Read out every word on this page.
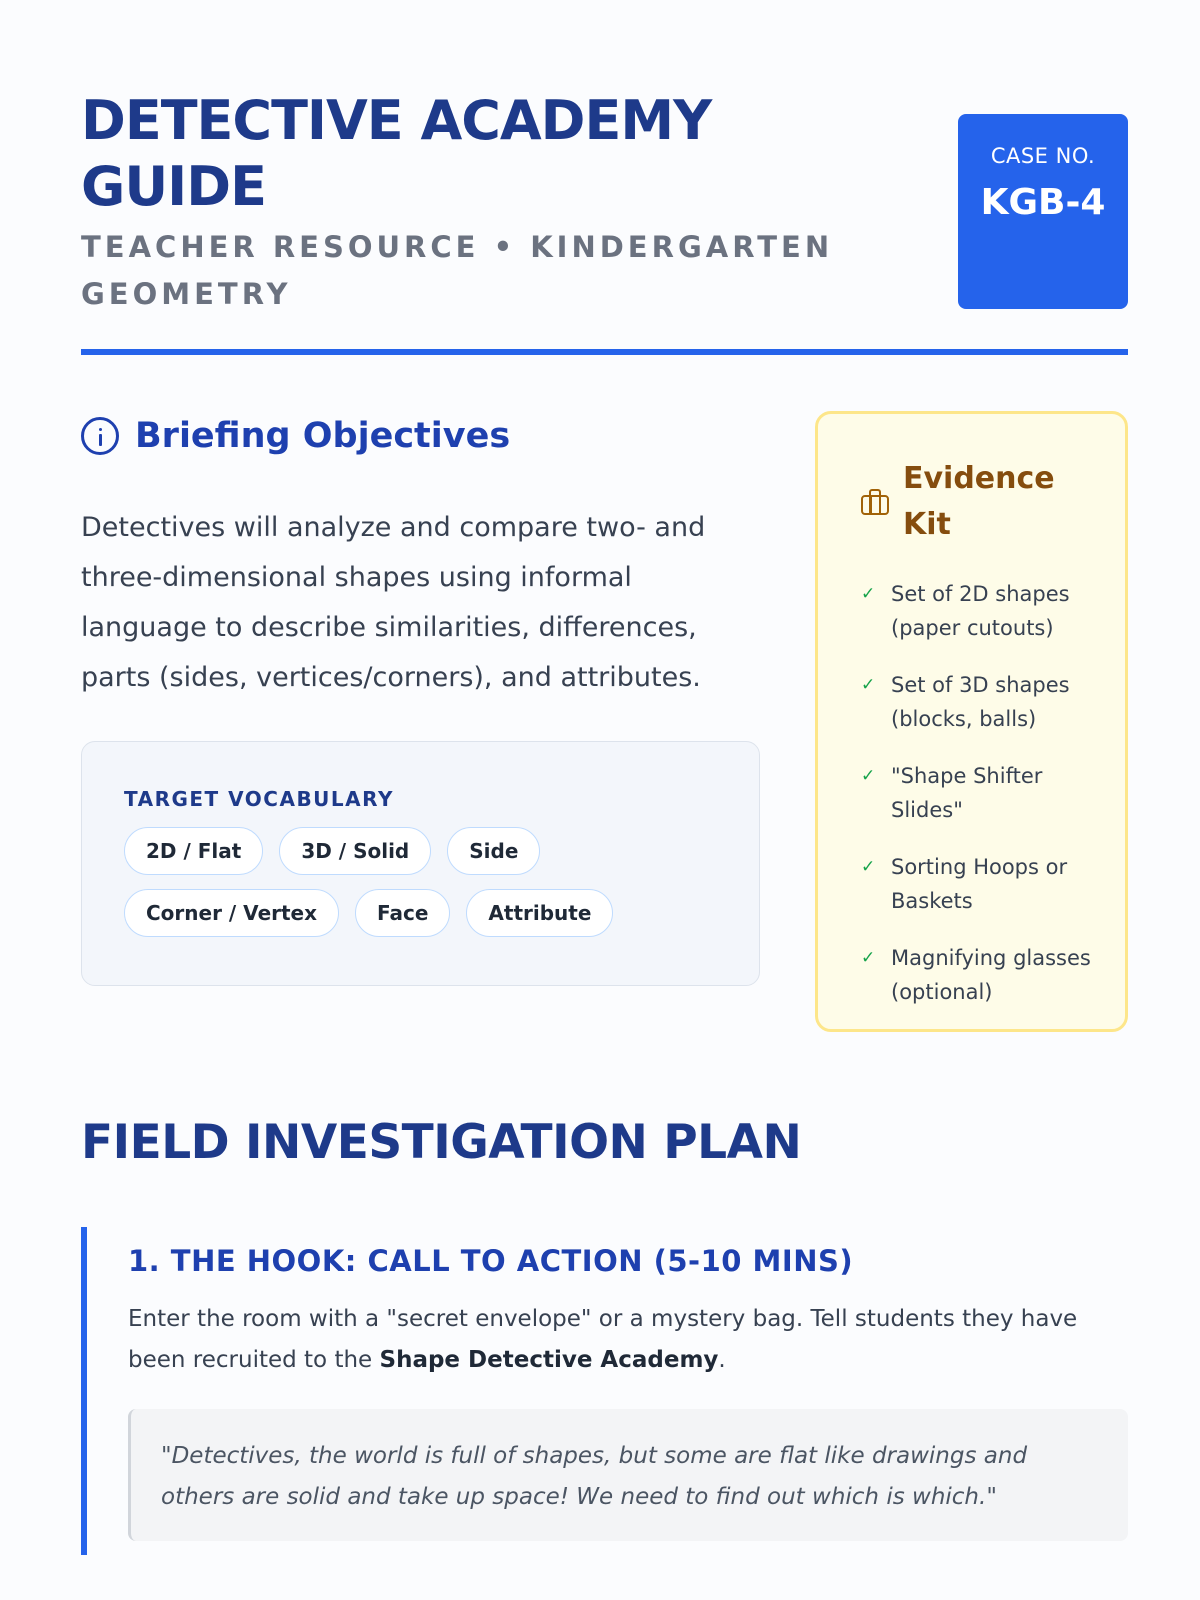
DETECTIVE ACADEMY GUIDE
TEACHER RESOURCE • KINDERGARTEN GEOMETRY
CASE NO.
KGB-4
Briefing Objectives

Detectives will analyze and compare two- and three-dimensional shapes using informal language to describe similarities, differences, parts (sides, vertices/corners), and attributes.

TARGET VOCABULARY
2D / Flat	3D / Solid	Side
Corner / Vertex	Face	Attribute
Evidence Kit
✓ Set of 2D shapes (paper cutouts)
✓ Set of 3D shapes (blocks, balls)
✓ "Shape Shifter Slides"
✓ Sorting Hoops or Baskets
✓ Magnifying glasses (optional)
FIELD INVESTIGATION PLAN
1. THE HOOK: CALL TO ACTION (5-10 MINS)

Enter the room with a "secret envelope" or a mystery bag. Tell students they have been recruited to the Shape Detective Academy.

"Detectives, the world is full of shapes, but some are flat like drawings and others are solid and take up space! We need to find out which is which."
